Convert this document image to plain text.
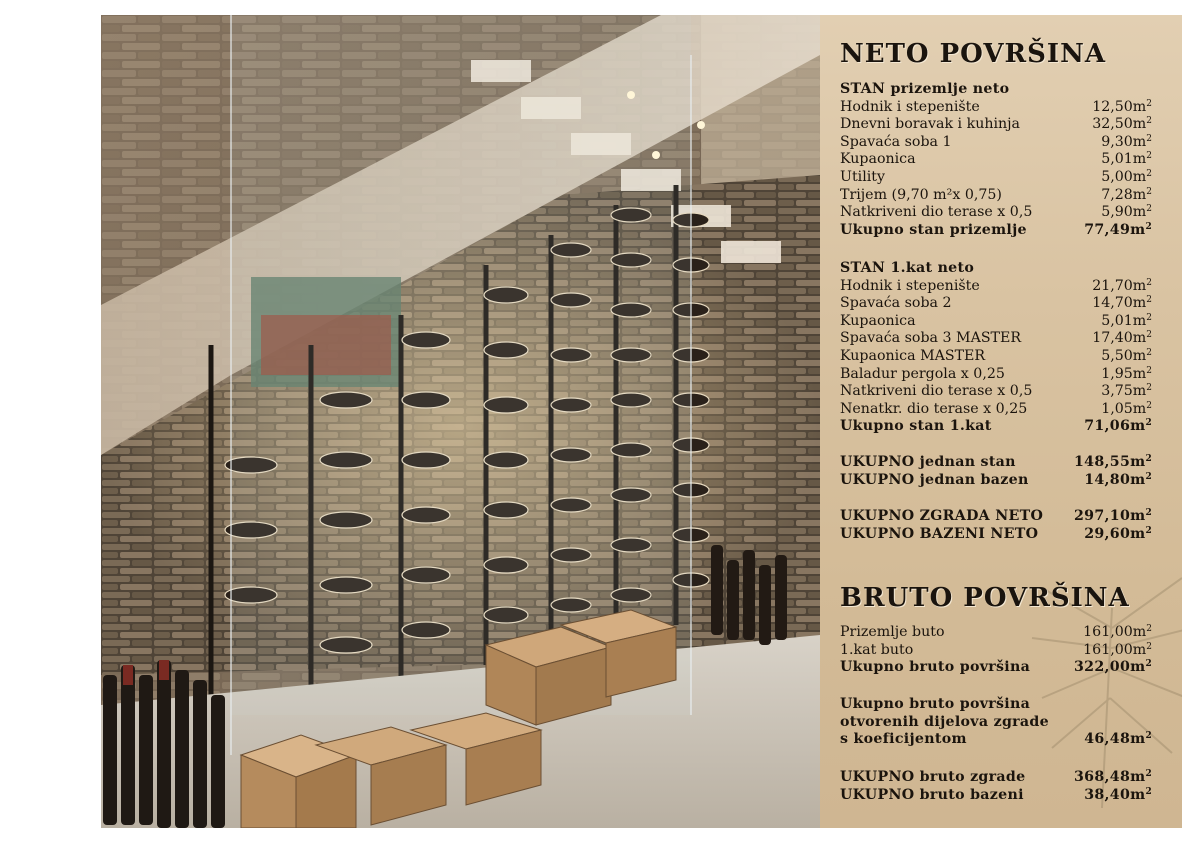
NETO POVRŠINA
STAN prizemlje neto
Hodnik i stepenište	$12,50m^2$
Dnevni boravak i kuhinja	$32,50m^2$
Spavaća soba 1	$9,30m^2$
Kupaonica	$5,01m^2$
Utility	$5,00m^2$
Trijem (9,70 m²x 0,75)	$7,28m^2$
Natkriveni dio terase x 0,5	$5,90m^2$
Ukupno stan prizemlje	$77,49m^2$
STAN 1.kat neto
Hodnik i stepenište	$21,70m^2$
Spavaća soba 2	$14,70m^2$
Kupaonica	$5,01m^2$
Spavaća soba 3 MASTER	$17,40m^2$
Kupaonica MASTER	$5,50m^2$
Baladur pergola x 0,25	$1,95m^2$
Natkriveni dio terase x 0,5	$3,75m^2$
Nenatkr. dio terase x 0,25	$1,05m^2$
Ukupno stan 1.kat	$71,06m^2$
UKUPNO jednan stan	$148,55m^2$
UKUPNO jednan bazen	$14,80m^2$
UKUPNO ZGRADA NETO $297,10m^2$
UKUPNO BAZENI NETO	$29,60m^2$
BRUTO POVRŠINA
Prizemlje buto	$161,00m^2$
1.kat buto	$161,00m^2$
Ukupno bruto površina	$322,00m^2$
Ukupno bruto površina
otvorenih dijelova zgrade
s koeficijentom	$46,48m^2$
UKUPNO bruto zgrade	$368,48m^2$
UKUPNO bruto bazeni	$38,40m^2$
